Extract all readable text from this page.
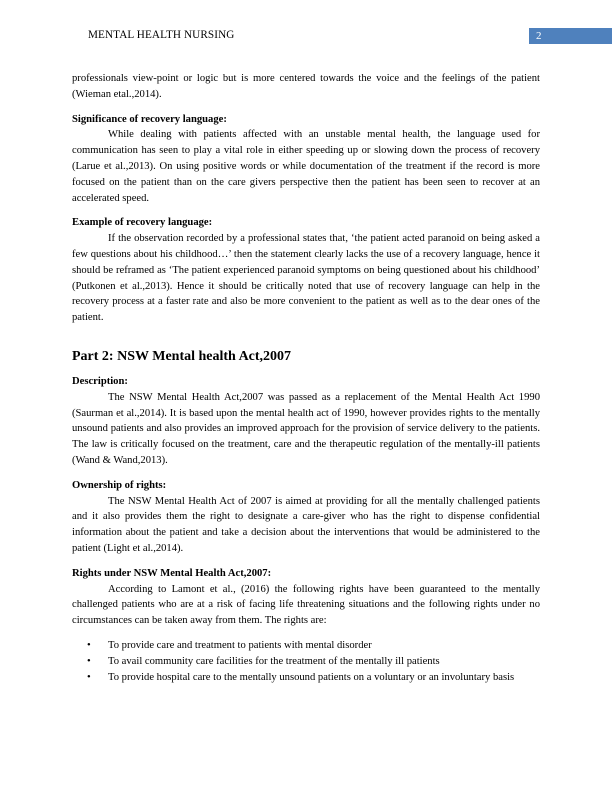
MENTAL HEALTH NURSING	2

professionals view-point or logic but is more centered towards the voice and the feelings of the patient (Wieman etal.,2014).

Significance of recovery language:

While dealing with patients affected with an unstable mental health, the language used for communication has seen to play a vital role in either speeding up or slowing down the process of recovery (Larue et al.,2013). On using positive words or while documentation of the treatment if the record is more focused on the patient than on the care givers perspective then the patient has been seen to recover at an accelerated speed.

Example of recovery language:

If the observation recorded by a professional states that, ‘the patient acted paranoid on being asked a few questions about his childhood…’ then the statement clearly lacks the use of a recovery language, hence it should be reframed as ‘The patient experienced paranoid symptoms on being questioned about his childhood’ (Putkonen et al.,2013). Hence it should be critically noted that use of recovery language can help in the recovery process at a faster rate and also be more convenient to the patient as well as to the dear ones of the patient.

Part 2: NSW Mental health Act,2007

Description:

The NSW Mental Health Act,2007 was passed as a replacement of the Mental Health Act 1990 (Saurman et al.,2014). It is based upon the mental health act of 1990, however provides rights to the mentally unsound patients and also provides an improved approach for the provision of service delivery to the patients. The law is critically focused on the treatment, care and the therapeutic regulation of the mentally-ill patients (Wand & Wand,2013).

Ownership of rights:

The NSW Mental Health Act of 2007 is aimed at providing for all the mentally challenged patients and it also provides them the right to designate a care-giver who has the right to dispense confidential information about the patient and take a decision about the interventions that would be administered to the patient (Light et al.,2014).

Rights under NSW Mental Health Act,2007:

According to Lamont et al., (2016) the following rights have been guaranteed to the mentally challenged patients who are at a risk of facing life threatening situations and the following rights under no circumstances can be taken away from them. The rights are:

• To provide care and treatment to patients with mental disorder
• To avail community care facilities for the treatment of the mentally ill patients
• To provide hospital care to the mentally unsound patients on a voluntary or an involuntary basis
